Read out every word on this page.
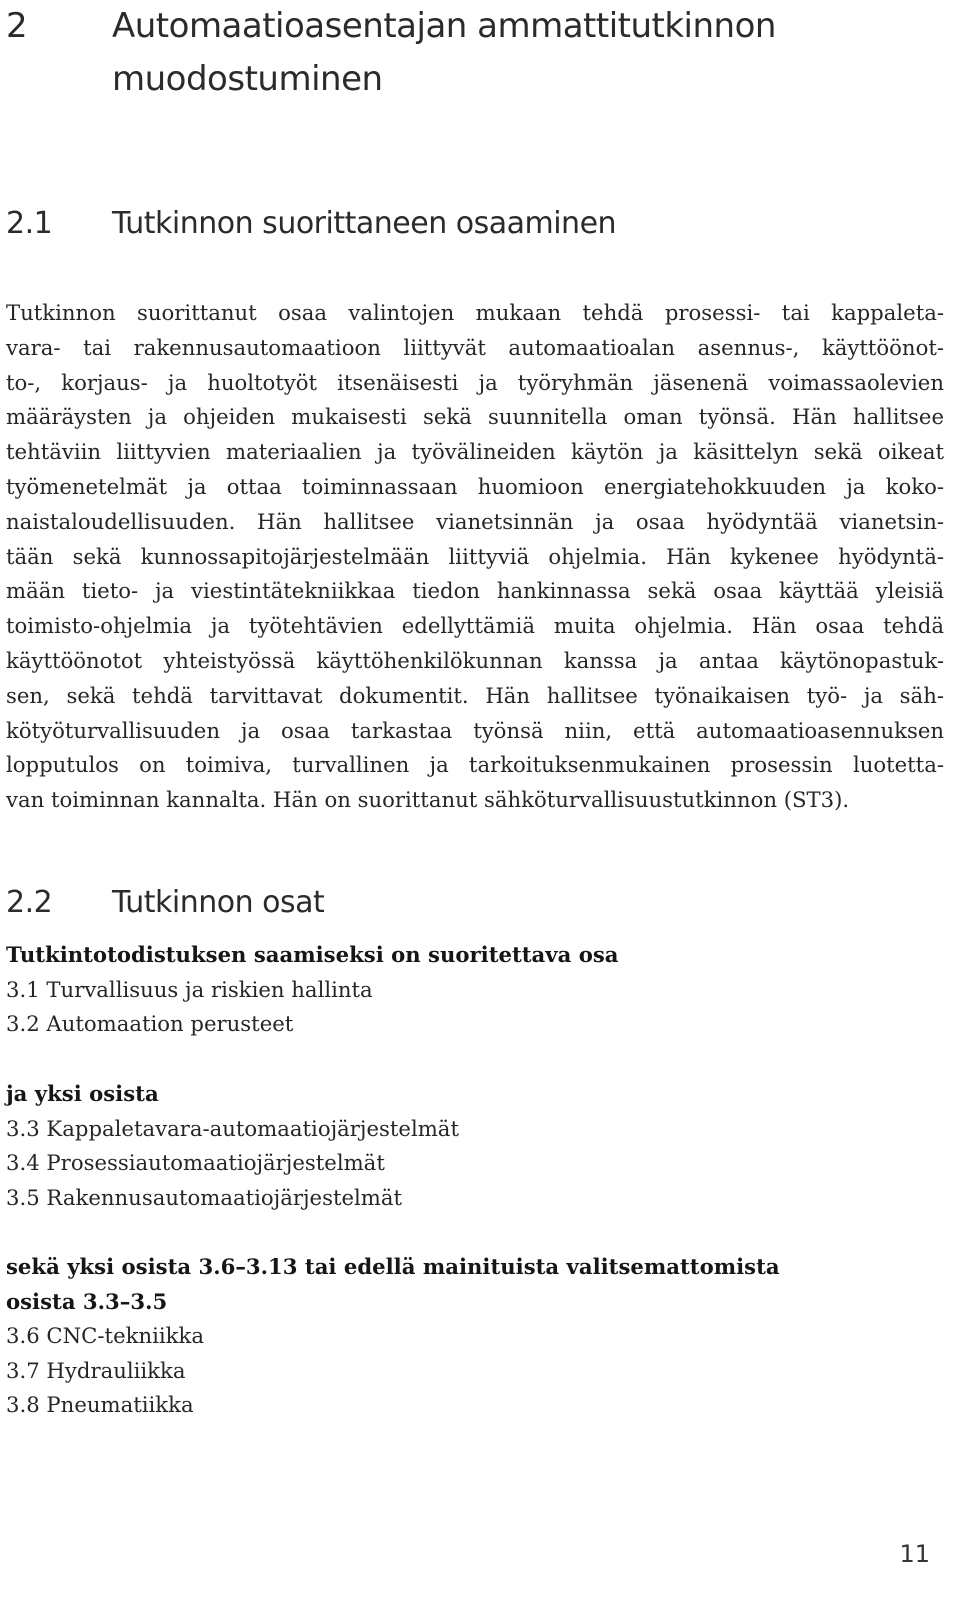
2	Automaatioasentajan ammattitutkinnon
muodostuminen
2.1	Tutkinnon suorittaneen osaaminen
Tutkinnon suorittanut osaa valintojen mukaan tehdä prosessi- tai kappaleta-
vara- tai rakennusautomaatioon liittyvät automaatioalan asennus-, käyttöönot-
to-, korjaus- ja huoltotyöt itsenäisesti ja työryhmän jäsenenä voimassaolevien
määräysten ja ohjeiden mukaisesti sekä suunnitella oman työnsä. Hän hallitsee
tehtäviin liittyvien materiaalien ja työvälineiden käytön ja käsittelyn sekä oikeat
työmenetelmät ja ottaa toiminnassaan huomioon energiatehokkuuden ja koko-
naistaloudellisuuden. Hän hallitsee vianetsinnän ja osaa hyödyntää vianetsin-
tään sekä kunnossapitojärjestelmään liittyviä ohjelmia. Hän kykenee hyödyntä-
mään tieto- ja viestintätekniikkaa tiedon hankinnassa sekä osaa käyttää yleisiä
toimisto-ohjelmia ja työtehtävien edellyttämiä muita ohjelmia. Hän osaa tehdä
käyttöönotot yhteistyössä käyttöhenkilökunnan kanssa ja antaa käytönopastuk-
sen, sekä tehdä tarvittavat dokumentit. Hän hallitsee työnaikaisen työ- ja säh-
kötyöturvallisuuden ja osaa tarkastaa työnsä niin, että automaatioasennuksen
lopputulos on toimiva, turvallinen ja tarkoituksenmukainen prosessin luotetta-
van toiminnan kannalta. Hän on suorittanut sähköturvallisuustutkinnon (ST3).
2.2	Tutkinnon osat
Tutkintotodistuksen saamiseksi on suoritettava osa
3.1 Turvallisuus ja riskien hallinta
3.2 Automaation perusteet
ja yksi osista
3.3 Kappaletavara-automaatiojärjestelmät
3.4 Prosessiautomaatiojärjestelmät
3.5 Rakennusautomaatiojärjestelmät
sekä yksi osista 3.6–3.13 tai edellä mainituista valitsemattomista
osista 3.3–3.5
3.6 CNC-tekniikka
3.7 Hydrauliikka
3.8 Pneumatiikka
11
